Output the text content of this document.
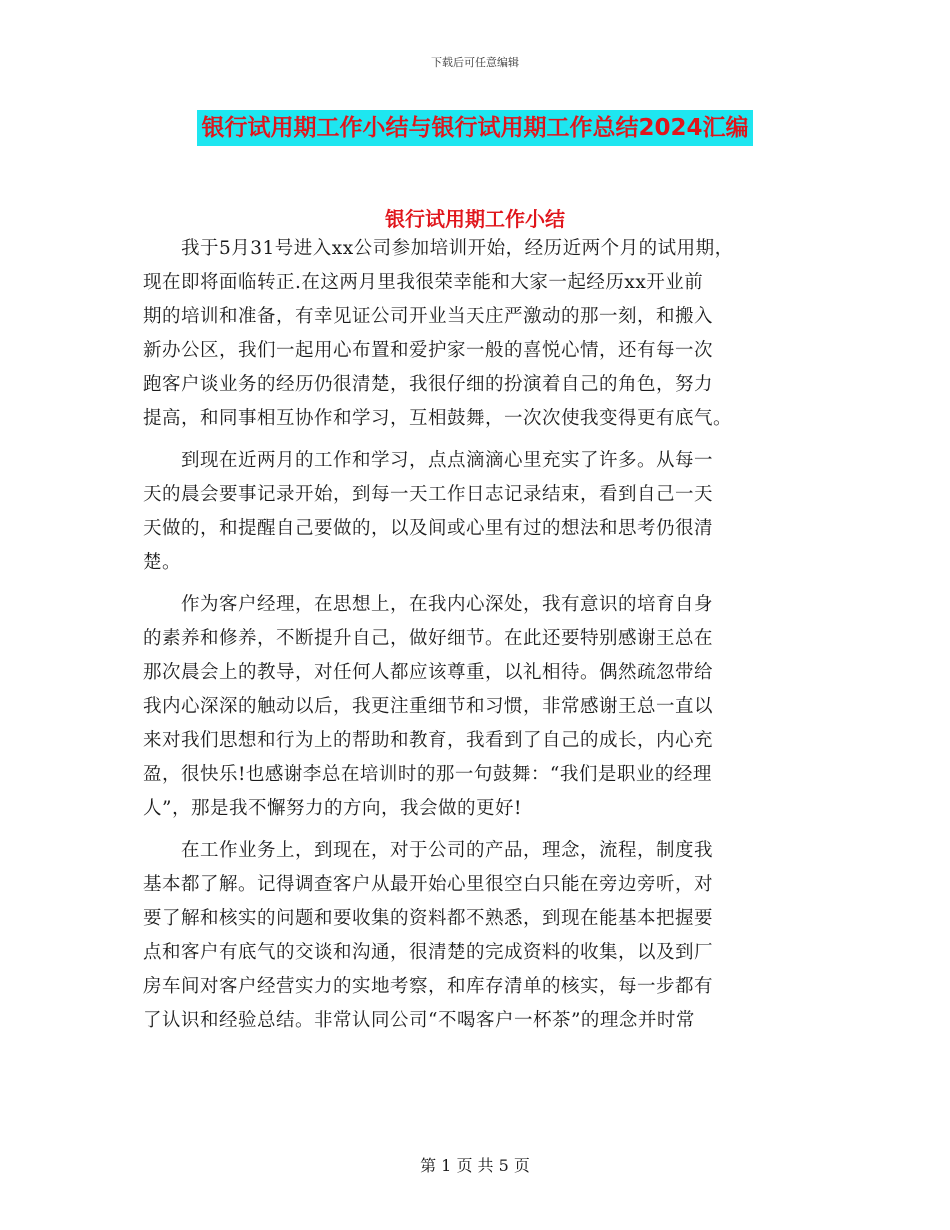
下载后可任意编辑
银行试用期工作小结与银行试用期工作总结2024汇编
银行试用期工作小结
　　我于5月31号进入xx公司参加培训开始，经历近两个月的试用期，
现在即将面临转正.在这两月里我很荣幸能和大家一起经历xx开业前
期的培训和准备，有幸见证公司开业当天庄严激动的那一刻，和搬入
新办公区，我们一起用心布置和爱护家一般的喜悦心情，还有每一次
跑客户谈业务的经历仍很清楚，我很仔细的扮演着自己的角色，努力
提高，和同事相互协作和学习，互相鼓舞，一次次使我变得更有底气。
　　到现在近两月的工作和学习，点点滴滴心里充实了许多。从每一
天的晨会要事记录开始，到每一天工作日志记录结束，看到自己一天
天做的，和提醒自己要做的，以及间或心里有过的想法和思考仍很清
楚。
　　作为客户经理，在思想上，在我内心深处，我有意识的培育自身
的素养和修养，不断提升自己，做好细节。在此还要特别感谢王总在
那次晨会上的教导，对任何人都应该尊重，以礼相待。偶然疏忽带给
我内心深深的触动以后，我更注重细节和习惯，非常感谢王总一直以
来对我们思想和行为上的帮助和教育，我看到了自己的成长，内心充
盈，很快乐!也感谢李总在培训时的那一句鼓舞：“我们是职业的经理
人”，那是我不懈努力的方向，我会做的更好!
　　在工作业务上，到现在，对于公司的产品，理念，流程，制度我
基本都了解。记得调查客户从最开始心里很空白只能在旁边旁听，对
要了解和核实的问题和要收集的资料都不熟悉，到现在能基本把握要
点和客户有底气的交谈和沟通，很清楚的完成资料的收集，以及到厂
房车间对客户经营实力的实地考察，和库存清单的核实，每一步都有
了认识和经验总结。非常认同公司“不喝客户一杯茶”的理念并时常
第 1 页 共 5 页
